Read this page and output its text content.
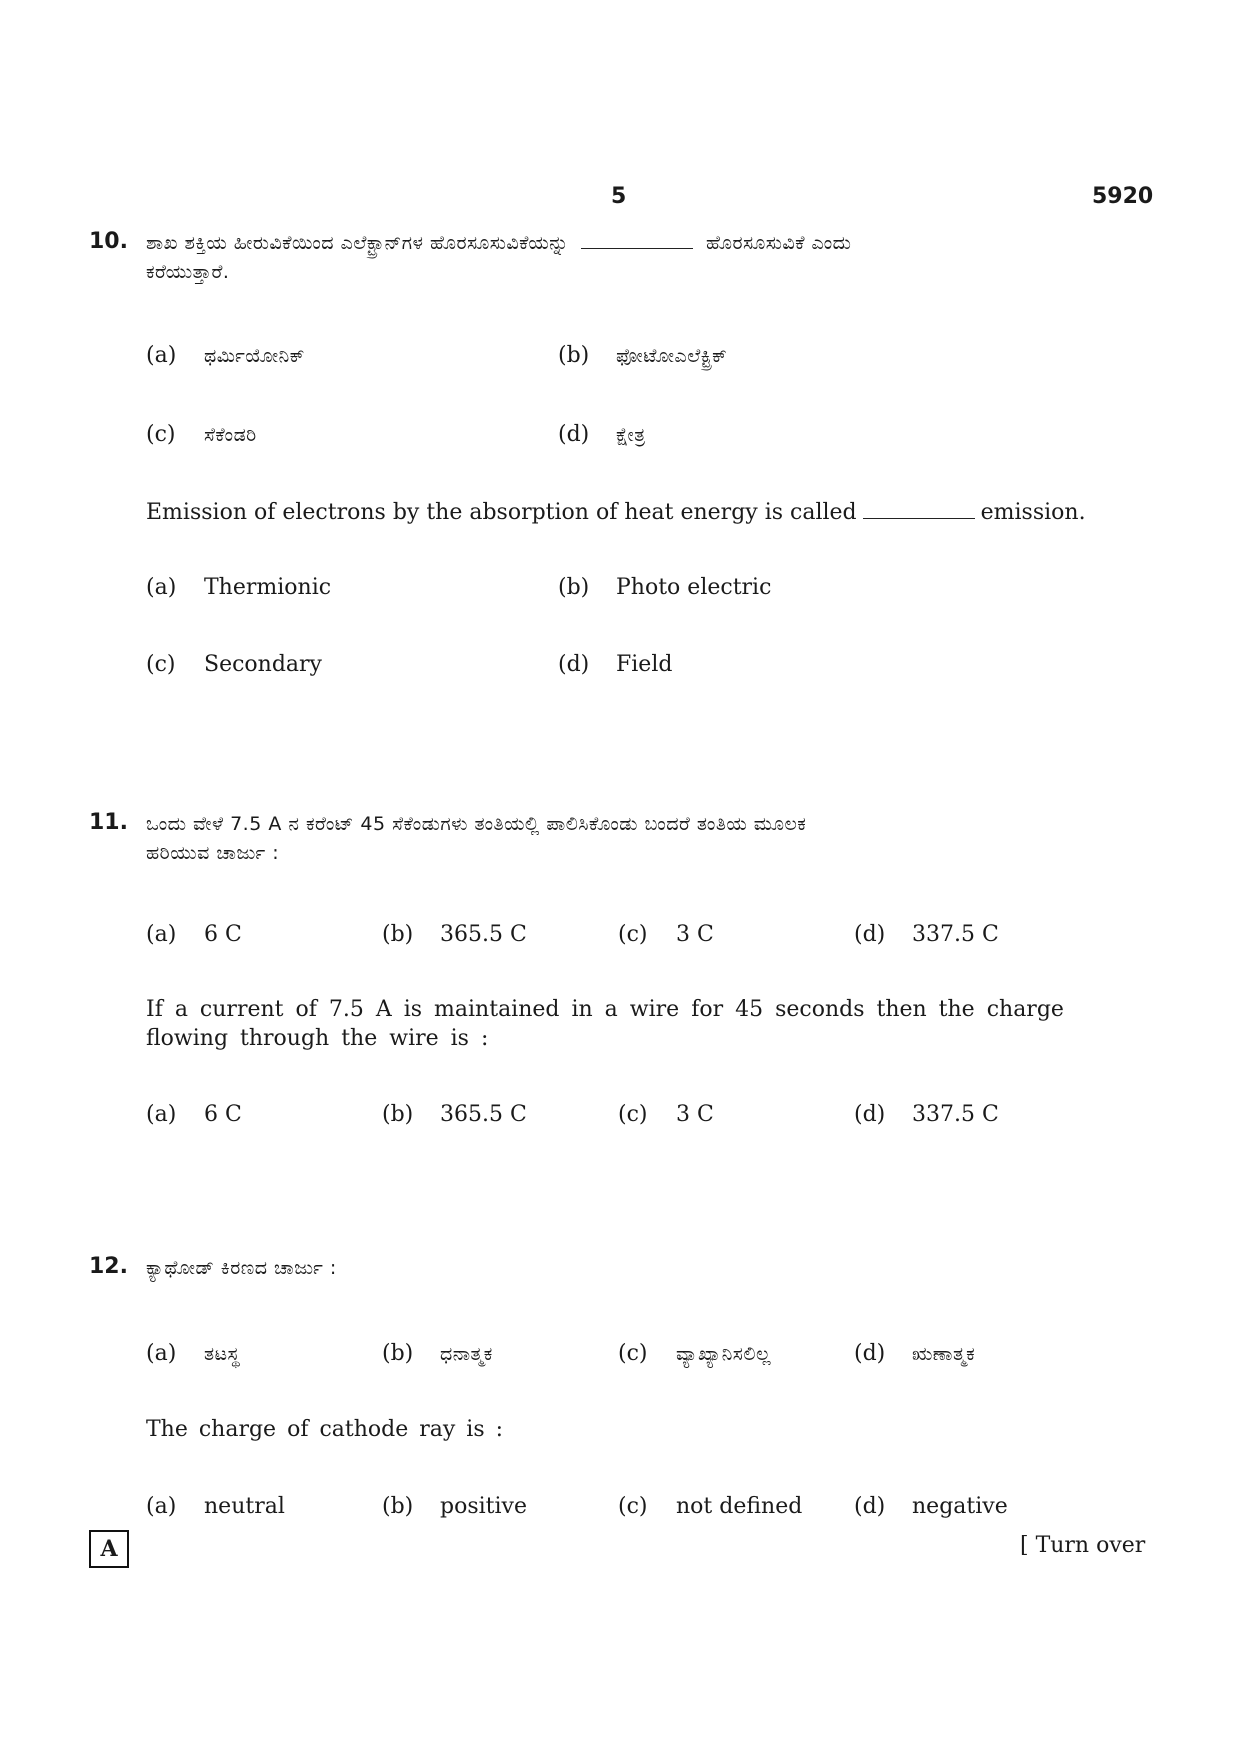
5	5920
10. ಶಾಖ ಶಕ್ತಿಯ ಹೀರುವಿಕೆಯಿಂದ ಎಲೆಕ್ಟ್ರಾನ್‌ಗಳ ಹೊರಸೂಸುವಿಕೆಯನ್ನು	ಹೊರಸೂಸುವಿಕೆ ಎಂದು
ಕರೆಯುತ್ತಾರೆ.
(a) ಥರ್ಮಿಯೋನಿಕ್	(b) ಫೋಟೋಎಲೆಕ್ಟ್ರಿಕ್
(c) ಸೆಕೆಂಡರಿ	(d) ಕ್ಷೇತ್ರ
Emission of electrons by the absorption of heat energy is called	emission.
(a) Thermionic	(b) Photo electric
(c) Secondary	(d) Field
11. ಒಂದು ವೇಳೆ 7.5 A ನ ಕರೆಂಟ್ 45 ಸೆಕೆಂಡುಗಳು ತಂತಿಯಲ್ಲಿ ಪಾಲಿಸಿಕೊಂಡು ಬಂದರೆ ತಂತಿಯ ಮೂಲಕ
ಹರಿಯುವ ಚಾರ್ಜು :
(a) 6 C	(b) 365.5 C	(c) 3 C	(d) 337.5 C
If a current of 7.5 A is maintained in a wire for 45 seconds then the charge
flowing through the wire is :
(a) 6 C	(b) 365.5 C	(c) 3 C	(d) 337.5 C
12. ಕ್ಯಾಥೋಡ್ ಕಿರಣದ ಚಾರ್ಜು :
(a) ತಟಸ್ಥ	(b) ಧನಾತ್ಮಕ	(c) ವ್ಯಾಖ್ಯಾನಿಸಲಿಲ್ಲ	(d) ಋಣಾತ್ಮಕ
The charge of cathode ray is :
(a) neutral	(b) positive	(c) not defined (d) negative
A	[ Turn over
